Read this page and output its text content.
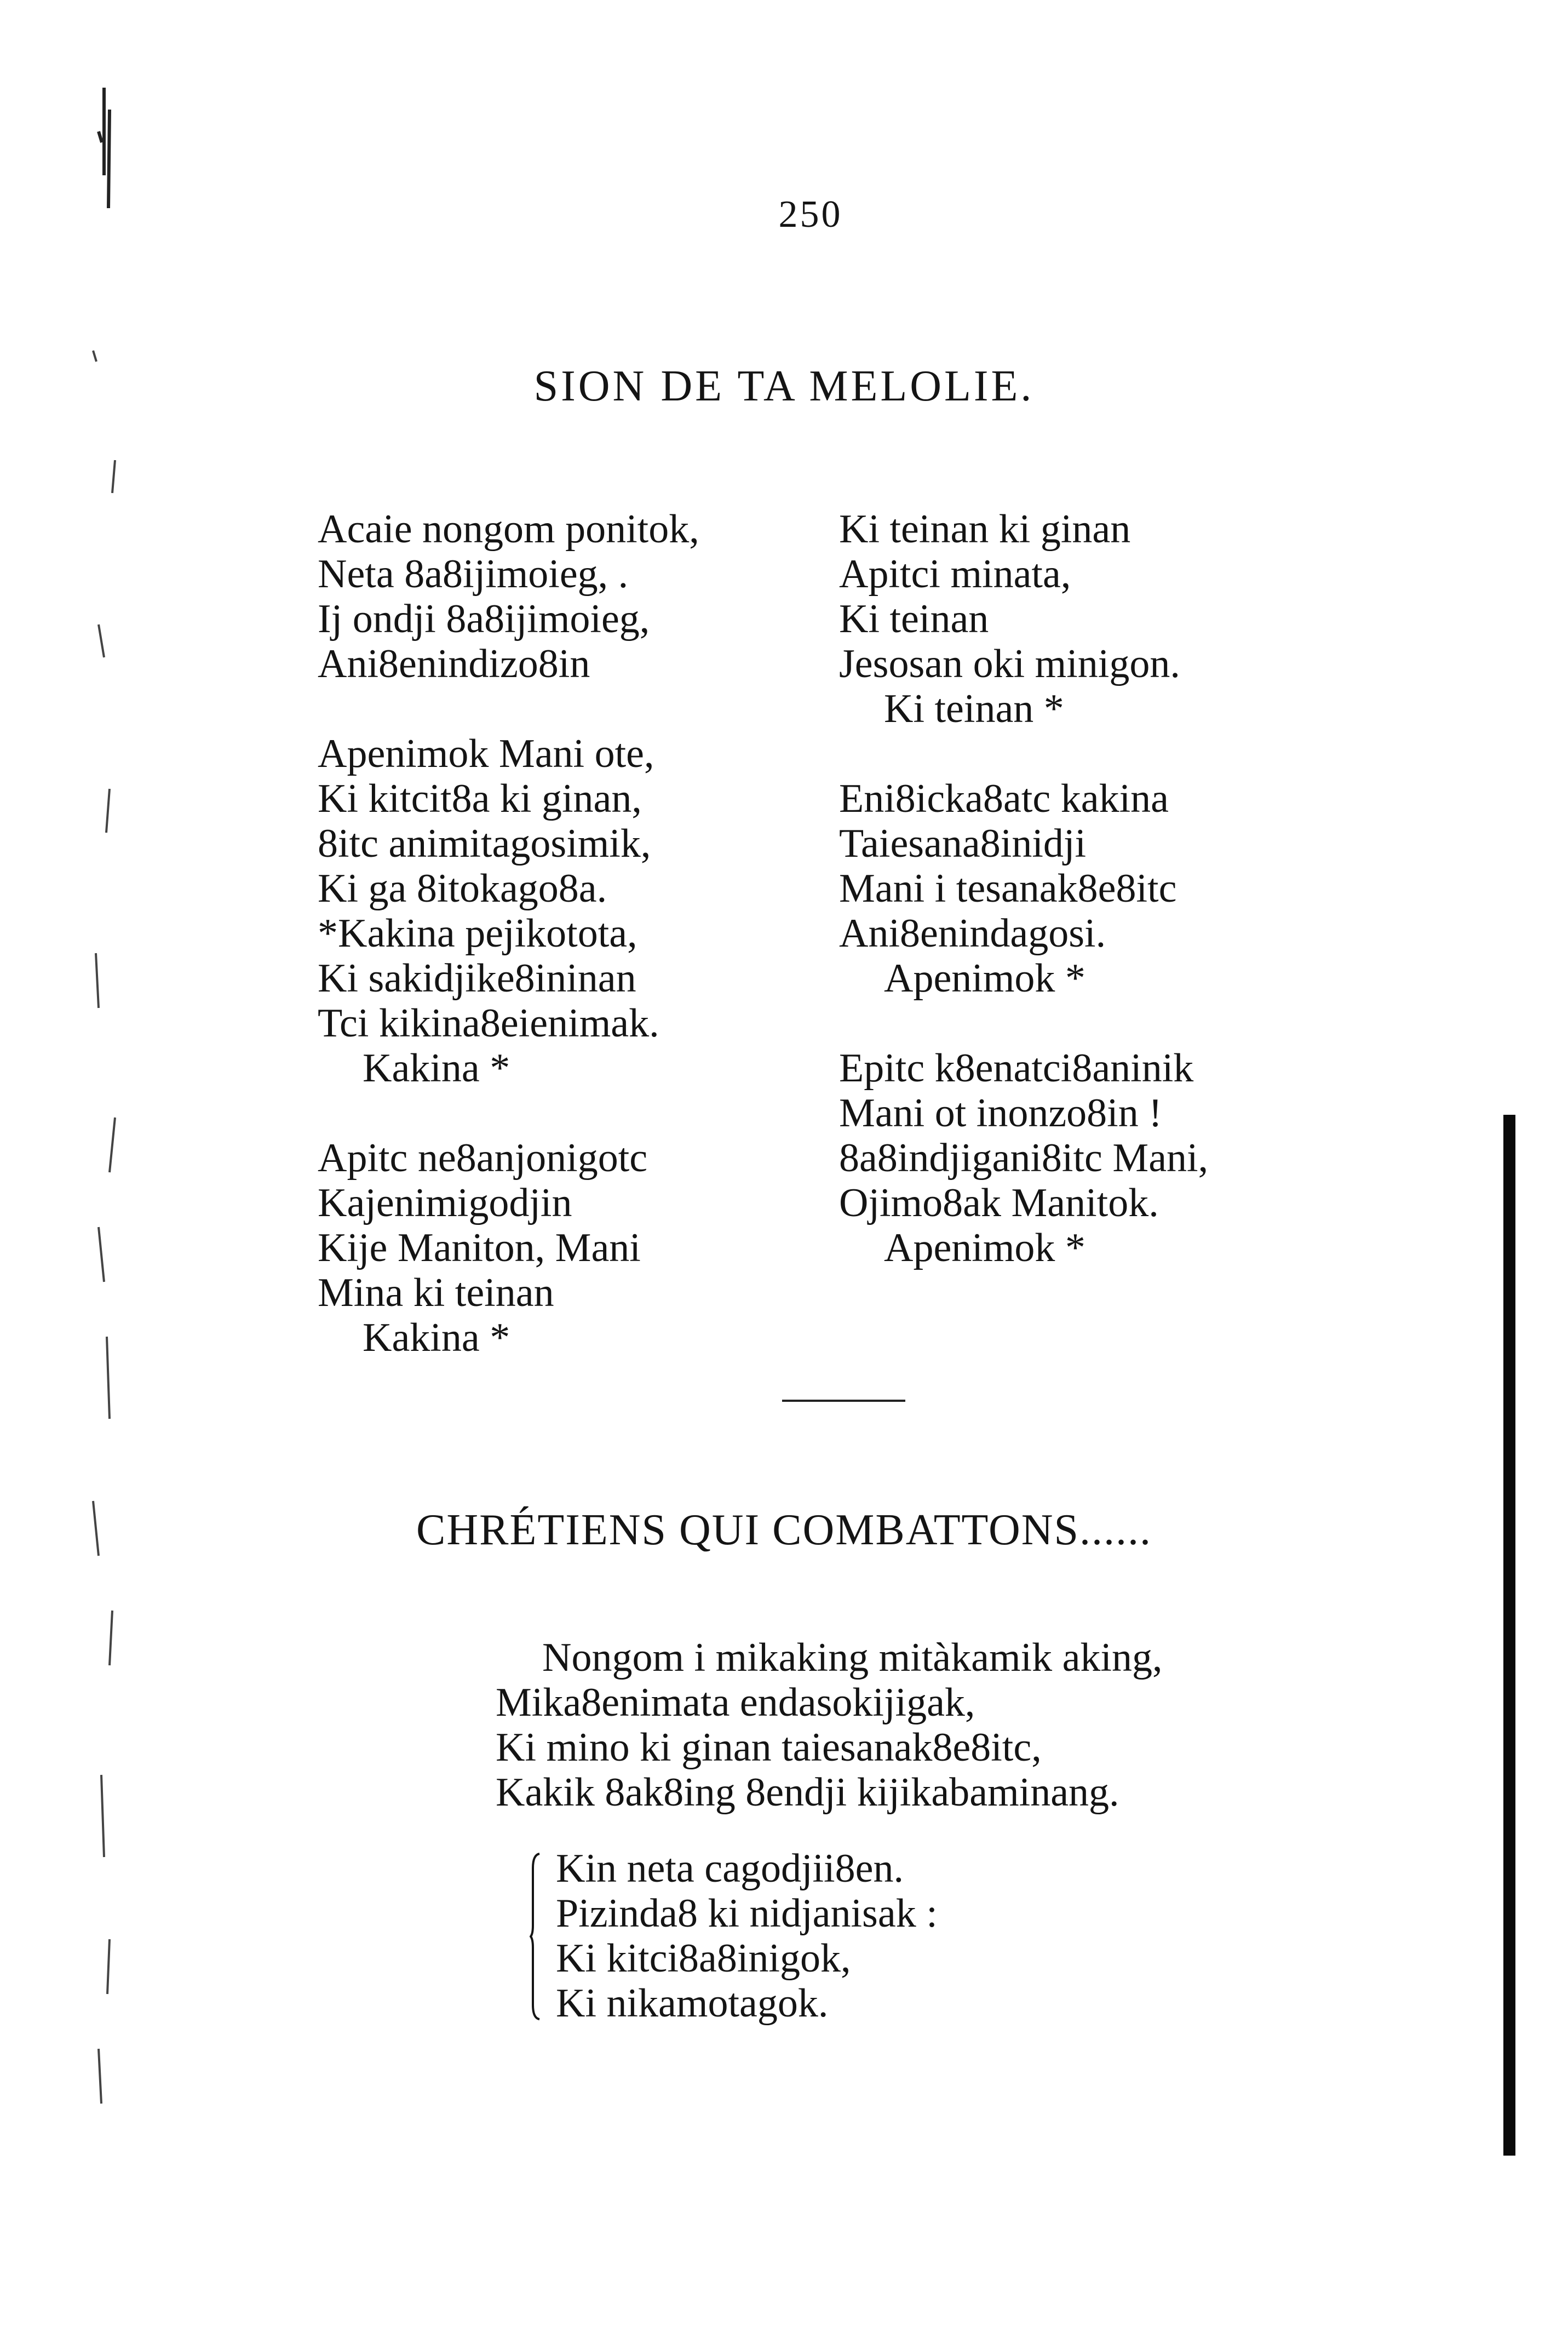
250
SION DE TA MELOLIE.
Acaie nongom ponitok,
Neta 8a8ijimoieg, .
Ij ondji 8a8ijimoieg,
Ani8enindizo8in
Apenimok Mani ote,
Ki kitcit8a ki ginan,
8itc animitagosimik,
Ki ga 8itokago8a.
*Kakina pejikotota,
Ki sakidjike8ininan
Tci kikina8eienimak.
Kakina *
Apitc ne8anjonigotc
Kajenimigodjin
Kije Maniton, Mani
Mina ki teinan
Kakina *
Ki teinan ki ginan
Apitci minata,
Ki teinan
Jesosan oki minigon.
Ki teinan *
Eni8icka8atc kakina
Taiesana8inidji
Mani i tesanak8e8itc
Ani8enindagosi.
Apenimok *
Epitc k8enatci8aninik
Mani ot inonzo8in !
8a8indjigani8itc Mani,
Ojimo8ak Manitok.
Apenimok *
CHRÉTIENS QUI COMBATTONS......
Nongom i mikaking mitàkamik aking,
Mika8enimata endasokijigak,
Ki mino ki ginan taiesanak8e8itc,
Kakik 8ak8ing 8endji kijikabaminang.
Kin neta cagodjii8en.
Pizinda8 ki nidjanisak :
Ki kitci8a8inigok,
Ki nikamotagok.
